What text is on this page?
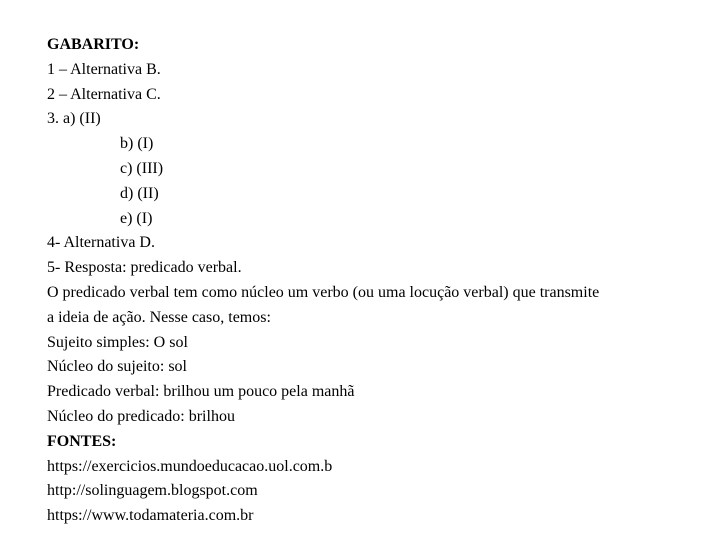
GABARITO:
1 – Alternativa B.
2 – Alternativa C.
3. a) (II)
b) (I)
c) (III)
d) (II)
e) (I)
4- Alternativa D.
5- Resposta: predicado verbal.
O predicado verbal tem como núcleo um verbo (ou uma locução verbal) que transmite
a ideia de ação. Nesse caso, temos:
Sujeito simples: O sol
Núcleo do sujeito: sol
Predicado verbal: brilhou um pouco pela manhã
Núcleo do predicado: brilhou
FONTES:
https://exercicios.mundoeducacao.uol.com.b
http://solinguagem.blogspot.com
https://www.todamateria.com.br
